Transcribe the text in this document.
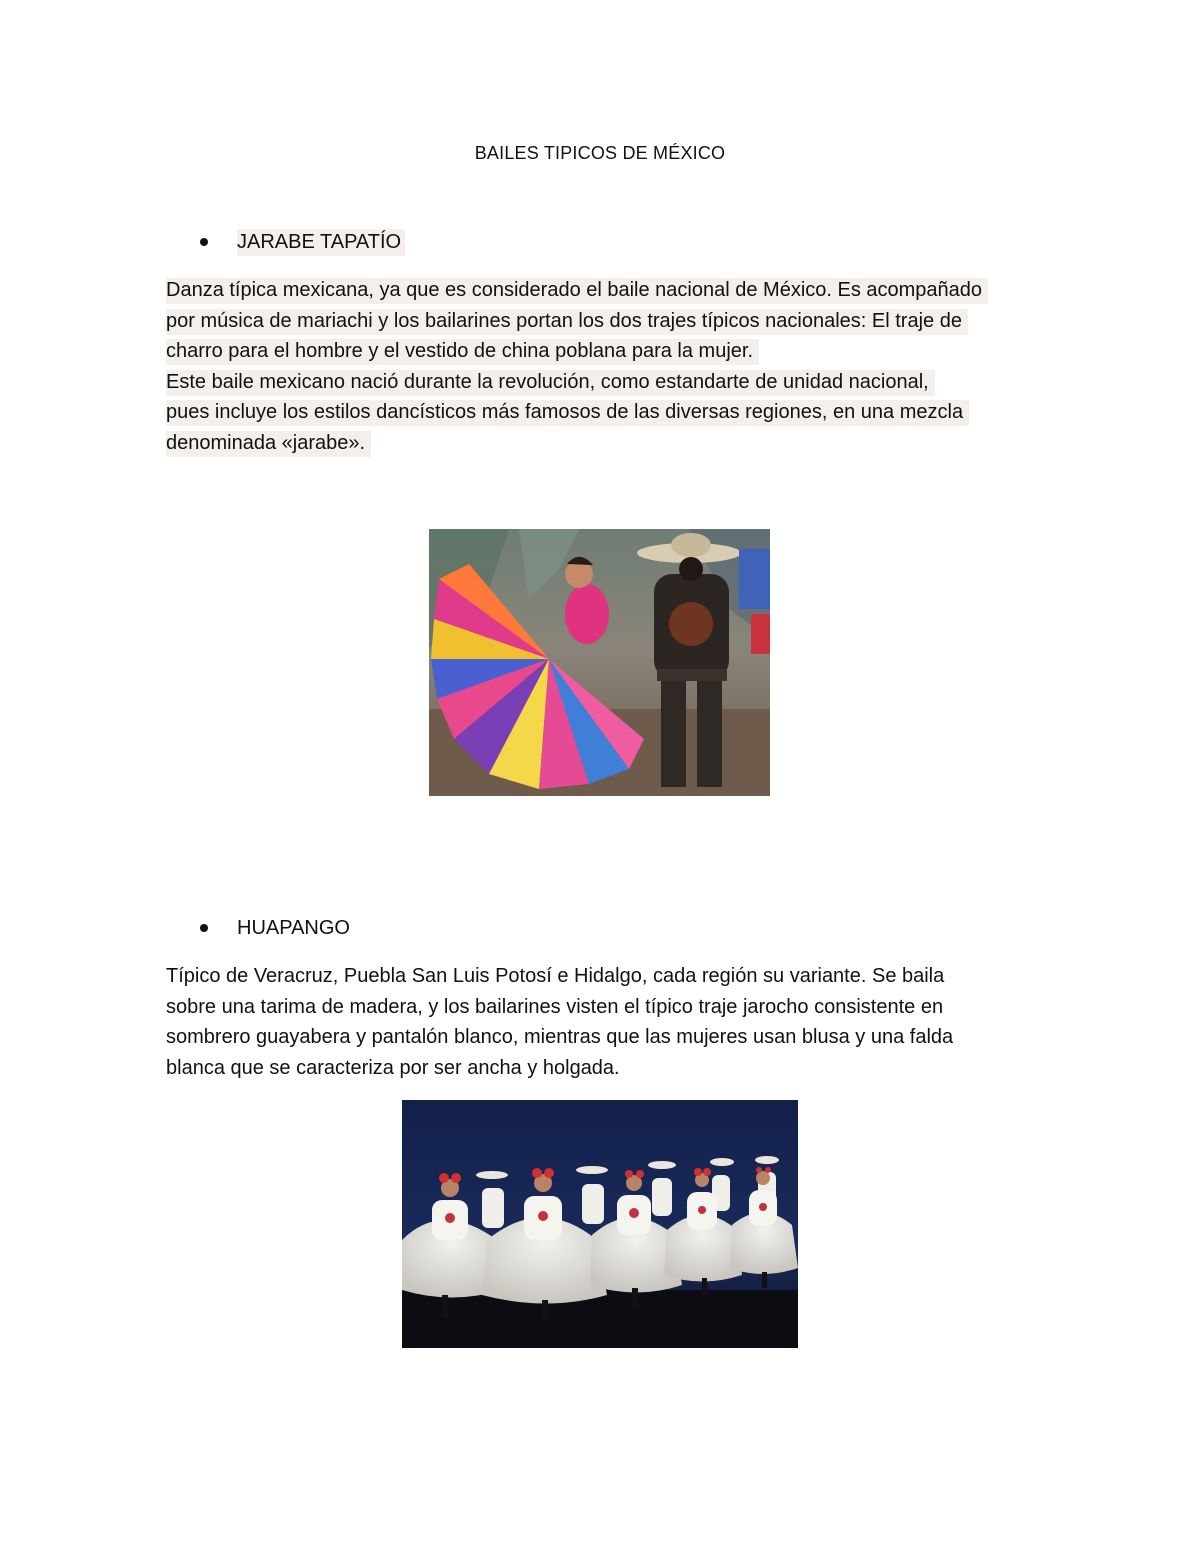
BAILES TIPICOS DE MÉXICO
JARABE TAPATÍO
Danza típica mexicana, ya que es considerado el baile nacional de México. Es acompañado
por música de mariachi y los bailarines portan los dos trajes típicos nacionales: El traje de
charro para el hombre y el vestido de china poblana para la mujer.
Este baile mexicano nació durante la revolución, como estandarte de unidad nacional,
pues incluye los estilos dancísticos más famosos de las diversas regiones, en una mezcla
denominada «jarabe».
HUAPANGO
Típico de Veracruz, Puebla San Luis Potosí e Hidalgo, cada región su variante. Se baila
sobre una tarima de madera, y los bailarines visten el típico traje jarocho consistente en
sombrero guayabera y pantalón blanco, mientras que las mujeres usan blusa y una falda
blanca que se caracteriza por ser ancha y holgada.
